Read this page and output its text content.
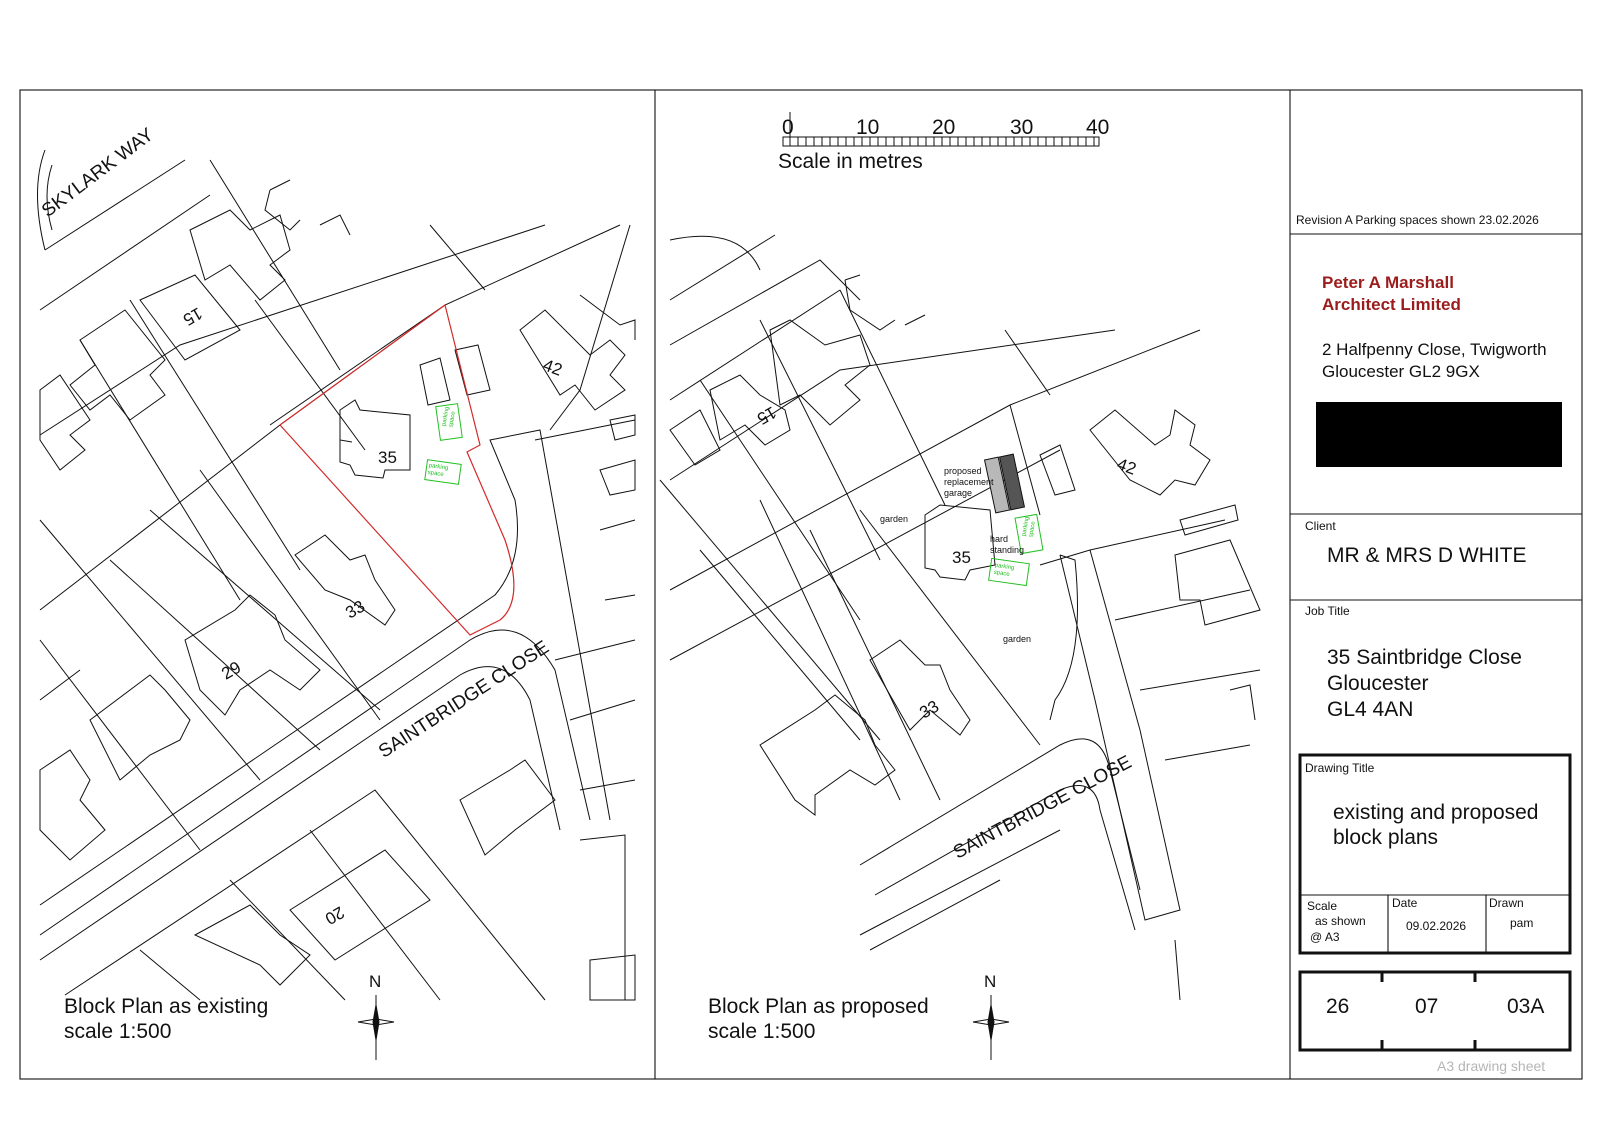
0	10	20	30	40
Scale in metres
SKYLARK WAY
SAINTBRIDGE CLOSE
15
42
35
33
29
20
parking space
parking space
Block Plan as existing
scale 1:500
N
SAINTBRIDGE CLOSE
15
42
35
33
proposed
replacement
garage
garden
garden
hard
standing
parking space
parking space
Block Plan as proposed
scale 1:500
N
Revision A Parking spaces shown 23.02.2026
Peter A Marshall
Architect Limited
2 Halfpenny Close, Twigworth
Gloucester GL2 9GX
Client
MR & MRS D WHITE
Job Title
35 Saintbridge Close
Gloucester
GL4 4AN
Drawing Title
existing and proposed
block plans
Scale
as shown
@ A3
Date
09.02.2026
Drawn
pam
26	07	03A
A3 drawing sheet
